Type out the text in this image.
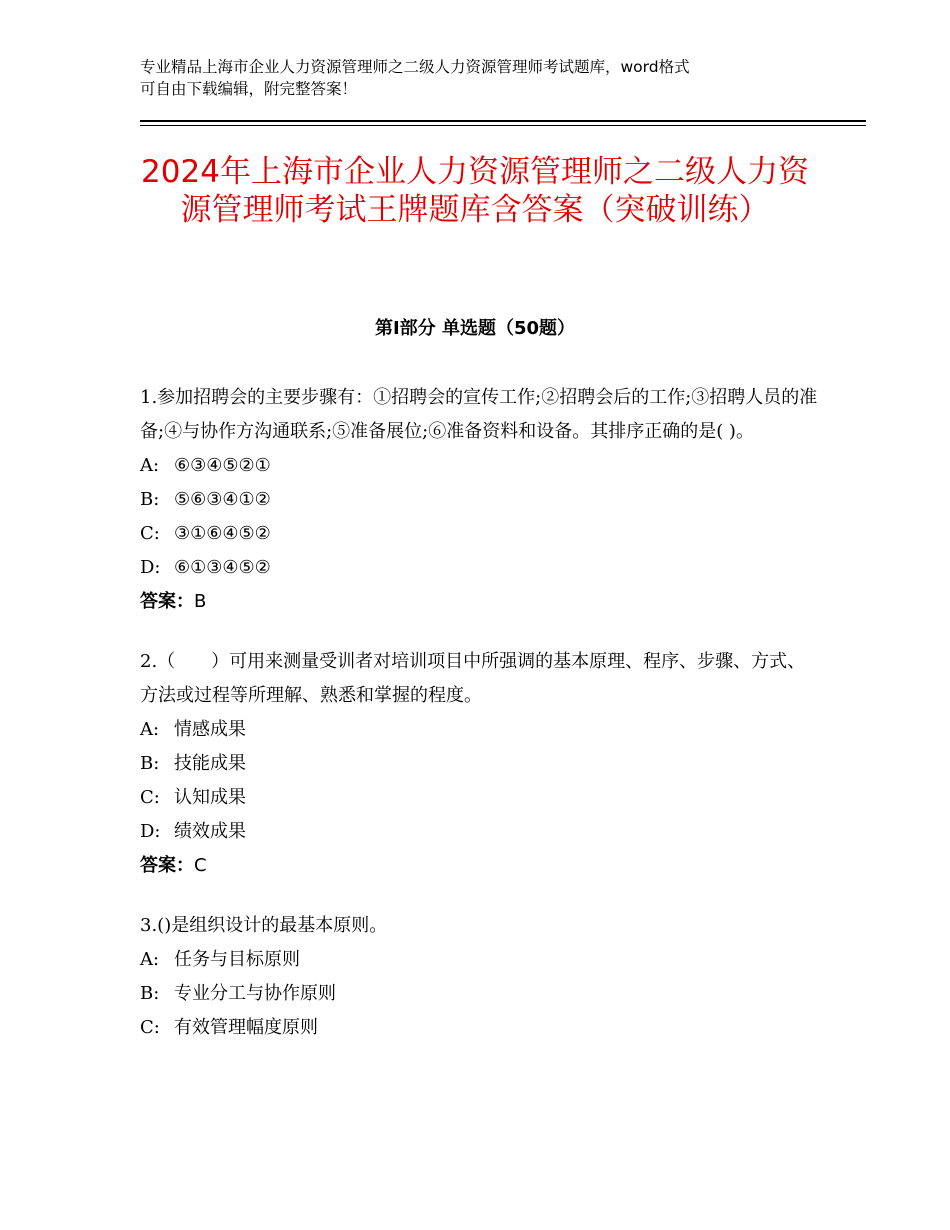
专业精品上海市企业人力资源管理师之二级人力资源管理师考试题库，word格式
可自由下载编辑，附完整答案！
2024年上海市企业人力资源管理师之二级人力资源管理师考试王牌题库含答案（突破训练）
第Ⅰ部分 单选题（50题）

1.参加招聘会的主要步骤有：①招聘会的宣传工作;②招聘会后的工作;③招聘人员的准备;④与协作方沟通联系;⑤准备展位;⑥准备资料和设备。其排序正确的是( )。

A: ⑥③④⑤②①
B: ⑤⑥③④①②
C: ③①⑥④⑤②
D: ⑥①③④⑤②
答案：B

2.（　　）可用来测量受训者对培训项目中所强调的基本原理、程序、步骤、方式、方法或过程等所理解、熟悉和掌握的程度。

A: 情感成果
B: 技能成果
C: 认知成果
D: 绩效成果
答案：C

3.()是组织设计的最基本原则。

A: 任务与目标原则
B: 专业分工与协作原则
C: 有效管理幅度原则
